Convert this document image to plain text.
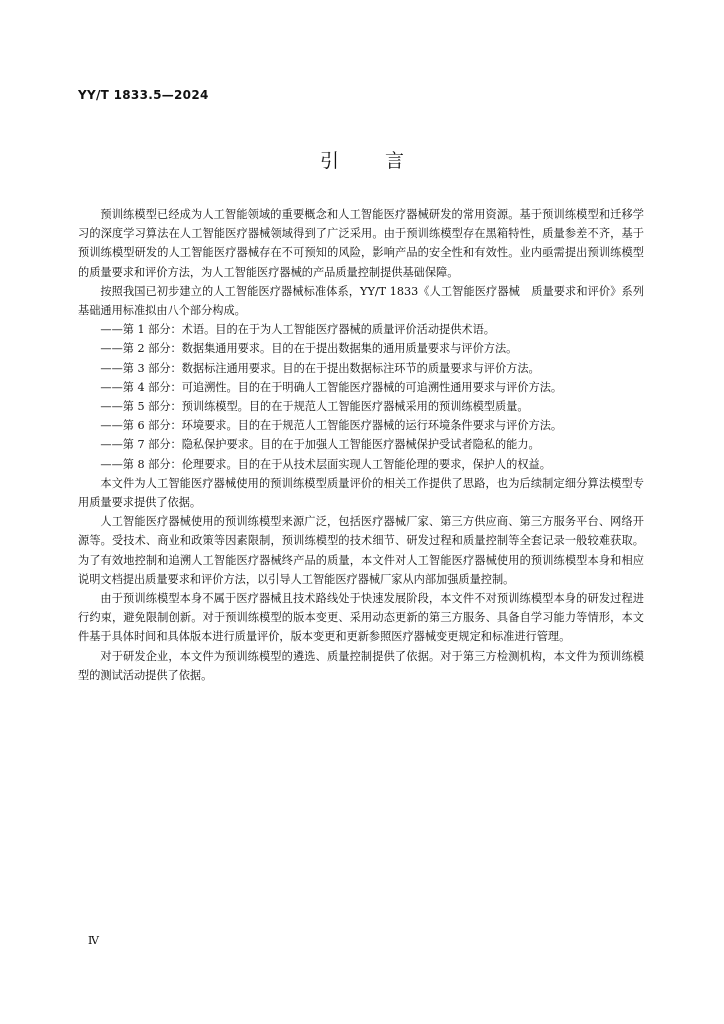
YY/T 1833.5—2024
引 言

预训练模型已经成为人工智能领域的重要概念和人工智能医疗器械研发的常用资源。基于预训练模型和迁移学习的深度学习算法在人工智能医疗器械领域得到了广泛采用。由于预训练模型存在黑箱特性，质量参差不齐，基于预训练模型研发的人工智能医疗器械存在不可预知的风险，影响产品的安全性和有效性。业内亟需提出预训练模型的质量要求和评价方法，为人工智能医疗器械的产品质量控制提供基础保障。

按照我国已初步建立的人工智能医疗器械标准体系，YY/T 1833《人工智能医疗器械　质量要求和评价》系列基础通用标准拟由八个部分构成。

——第 1 部分：术语。目的在于为人工智能医疗器械的质量评价活动提供术语。

——第 2 部分：数据集通用要求。目的在于提出数据集的通用质量要求与评价方法。

——第 3 部分：数据标注通用要求。目的在于提出数据标注环节的质量要求与评价方法。

——第 4 部分：可追溯性。目的在于明确人工智能医疗器械的可追溯性通用要求与评价方法。

——第 5 部分：预训练模型。目的在于规范人工智能医疗器械采用的预训练模型质量。

——第 6 部分：环境要求。目的在于规范人工智能医疗器械的运行环境条件要求与评价方法。

——第 7 部分：隐私保护要求。目的在于加强人工智能医疗器械保护受试者隐私的能力。

——第 8 部分：伦理要求。目的在于从技术层面实现人工智能伦理的要求，保护人的权益。

本文件为人工智能医疗器械使用的预训练模型质量评价的相关工作提供了思路，也为后续制定细分算法模型专用质量要求提供了依据。

人工智能医疗器械使用的预训练模型来源广泛，包括医疗器械厂家、第三方供应商、第三方服务平台、网络开源等。受技术、商业和政策等因素限制，预训练模型的技术细节、研发过程和质量控制等全套记录一般较难获取。为了有效地控制和追溯人工智能医疗器械终产品的质量，本文件对人工智能医疗器械使用的预训练模型本身和相应说明文档提出质量要求和评价方法，以引导人工智能医疗器械厂家从内部加强质量控制。

由于预训练模型本身不属于医疗器械且技术路线处于快速发展阶段，本文件不对预训练模型本身的研发过程进行约束，避免限制创新。对于预训练模型的版本变更、采用动态更新的第三方服务、具备自学习能力等情形，本文件基于具体时间和具体版本进行质量评价，版本变更和更新参照医疗器械变更规定和标准进行管理。

对于研发企业，本文件为预训练模型的遴选、质量控制提供了依据。对于第三方检测机构，本文件为预训练模型的测试活动提供了依据。

Ⅳ
